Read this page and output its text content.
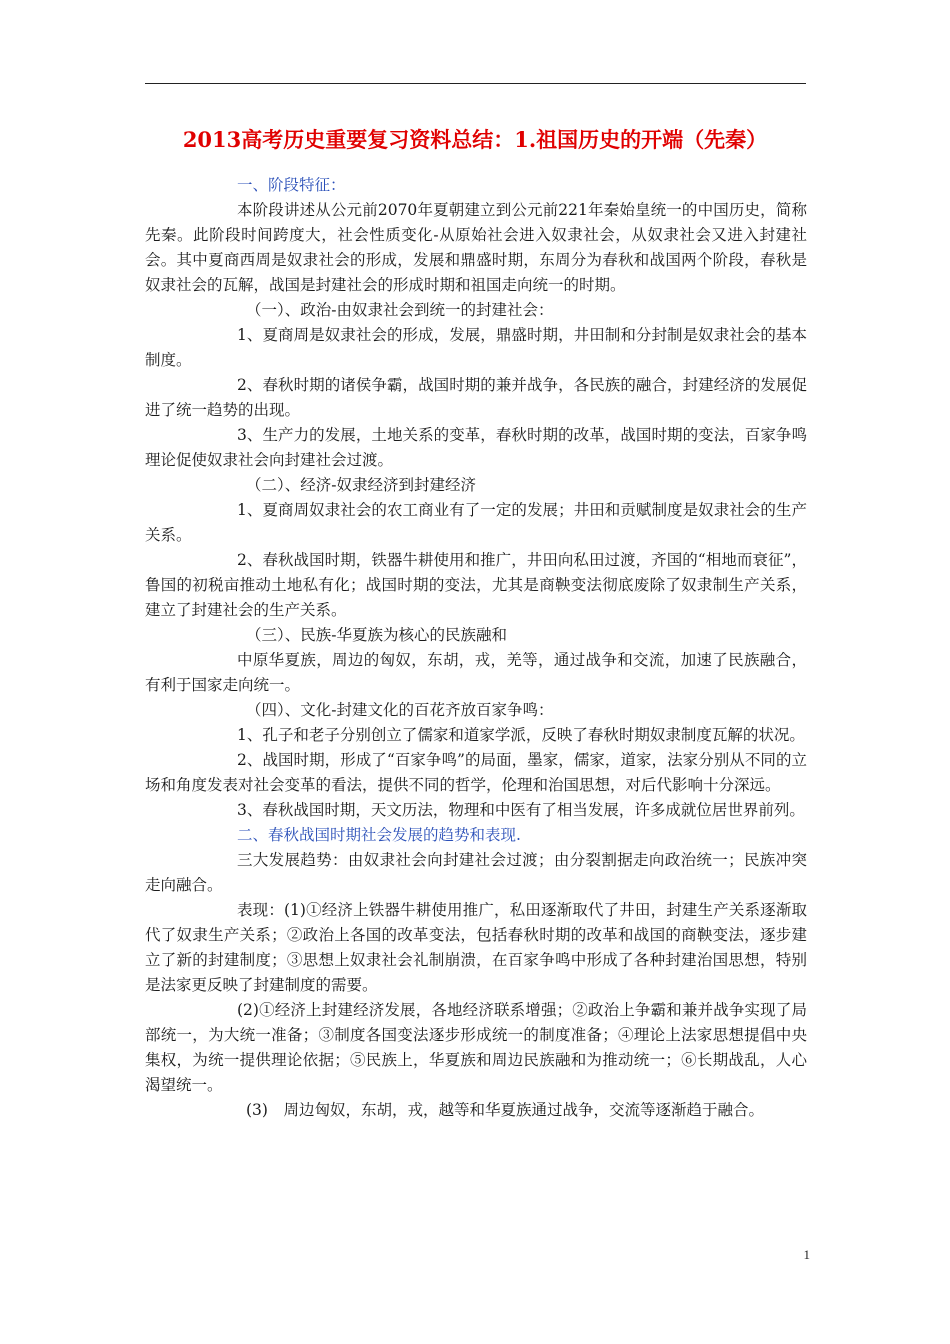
2013高考历史重要复习资料总结：1.祖国历史的开端（先秦）

一、阶段特征：

本阶段讲述从公元前2070年夏朝建立到公元前221年秦始皇统一的中国历史，简称先秦。此阶段时间跨度大，社会性质变化-从原始社会进入奴隶社会，从奴隶社会又进入封建社会。其中夏商西周是奴隶社会的形成，发展和鼎盛时期，东周分为春秋和战国两个阶段，春秋是奴隶社会的瓦解，战国是封建社会的形成时期和祖国走向统一的时期。

（一）、政治-由奴隶社会到统一的封建社会：

1、夏商周是奴隶社会的形成，发展，鼎盛时期，井田制和分封制是奴隶社会的基本制度。

2、春秋时期的诸侯争霸，战国时期的兼并战争，各民族的融合，封建经济的发展促进了统一趋势的出现。

3、生产力的发展，土地关系的变革，春秋时期的改革，战国时期的变法，百家争鸣理论促使奴隶社会向封建社会过渡。

（二）、经济-奴隶经济到封建经济

1、夏商周奴隶社会的农工商业有了一定的发展；井田和贡赋制度是奴隶社会的生产关系。

2、春秋战国时期，铁器牛耕使用和推广，井田向私田过渡，齐国的“相地而衰征”，鲁国的初税亩推动土地私有化；战国时期的变法，尤其是商鞅变法彻底废除了奴隶制生产关系，建立了封建社会的生产关系。

（三）、民族-华夏族为核心的民族融和

中原华夏族，周边的匈奴，东胡，戎，羌等，通过战争和交流，加速了民族融合，有利于国家走向统一。

（四）、文化-封建文化的百花齐放百家争鸣：

1、孔子和老子分别创立了儒家和道家学派，反映了春秋时期奴隶制度瓦解的状况。

2、战国时期，形成了“百家争鸣”的局面，墨家，儒家，道家，法家分别从不同的立场和角度发表对社会变革的看法，提供不同的哲学，伦理和治国思想，对后代影响十分深远。

3、春秋战国时期，天文历法，物理和中医有了相当发展，许多成就位居世界前列。

二、春秋战国时期社会发展的趋势和表现.

三大发展趋势：由奴隶社会向封建社会过渡；由分裂割据走向政治统一；民族冲突走向融合。

表现：(1)①经济上铁器牛耕使用推广，私田逐渐取代了井田，封建生产关系逐渐取代了奴隶生产关系；②政治上各国的改革变法，包括春秋时期的改革和战国的商鞅变法，逐步建立了新的封建制度；③思想上奴隶社会礼制崩溃，在百家争鸣中形成了各种封建治国思想，特别是法家更反映了封建制度的需要。

(2)①经济上封建经济发展，各地经济联系增强；②政治上争霸和兼并战争实现了局部统一，为大统一准备；③制度各国变法逐步形成统一的制度准备；④理论上法家思想提倡中央集权，为统一提供理论依据；⑤民族上，华夏族和周边民族融和为推动统一；⑥长期战乱，人心渴望统一。

(3)　周边匈奴，东胡，戎，越等和华夏族通过战争，交流等逐渐趋于融合。

1
